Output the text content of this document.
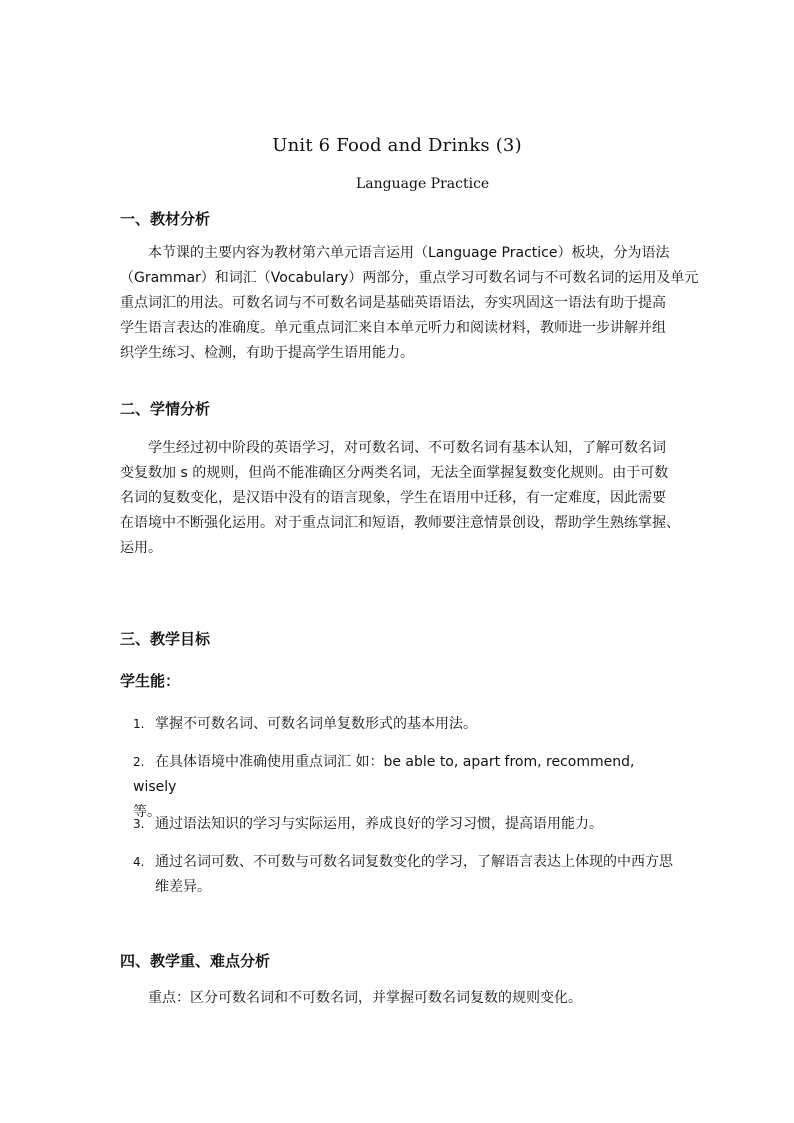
Unit 6 Food and Drinks (3)
Language Practice
一、教材分析
本节课的主要内容为教材第六单元语言运用（Language Practice）板块，分为语法
（Grammar）和词汇（Vocabulary）两部分，重点学习可数名词与不可数名词的运用及单元
重点词汇的用法。可数名词与不可数名词是基础英语语法，夯实巩固这一语法有助于提高
学生语言表达的准确度。单元重点词汇来自本单元听力和阅读材料，教师进一步讲解并组
织学生练习、检测，有助于提高学生语用能力。
二、学情分析
学生经过初中阶段的英语学习，对可数名词、不可数名词有基本认知，了解可数名词
变复数加 s 的规则，但尚不能准确区分两类名词，无法全面掌握复数变化规则。由于可数
名词的复数变化，是汉语中没有的语言现象，学生在语用中迁移，有一定难度，因此需要
在语境中不断强化运用。对于重点词汇和短语，教师要注意情景创设，帮助学生熟练掌握、
运用。
三、教学目标
学生能：
1. 掌握不可数名词、可数名词单复数形式的基本用法。
2. 在具体语境中准确使用重点词汇 如：be able to, apart from, recommend, wisely
等。
3. 通过语法知识的学习与实际运用，养成良好的学习习惯，提高语用能力。
4. 通过名词可数、不可数与可数名词复数变化的学习，了解语言表达上体现的中西方思
维差异。
四、教学重、难点分析
重点：区分可数名词和不可数名词，并掌握可数名词复数的规则变化。
